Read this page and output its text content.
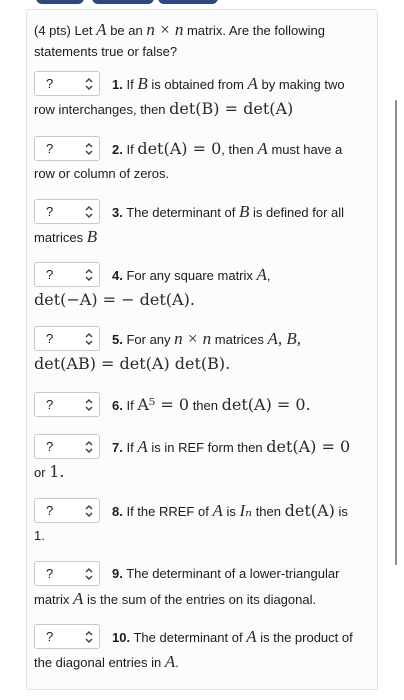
(4 pts) Let A be an n × n matrix. Are the following statements true or false?
?	1. If B is obtained from A by making two
row interchanges, then det(B) = det(A)
?	2. If det(A) = 0, then A must have a
row or column of zeros.
?	3. The determinant of B is defined for all
matrices B
?	4. For any square matrix A,
det(−A) = − det(A).
?	5. For any n × n matrices A, B,
det(AB) = det(A) det(B).
?	6. If A⁵ = 0 then det(A) = 0.
?	7. If A is in REF form then det(A) = 0
or 1.
?	8. If the RREF of A is Iₙ then det(A) is
1.
?	9. The determinant of a lower-triangular
matrix A is the sum of the entries on its diagonal.
?	10. The determinant of A is the product of
the diagonal entries in A.
